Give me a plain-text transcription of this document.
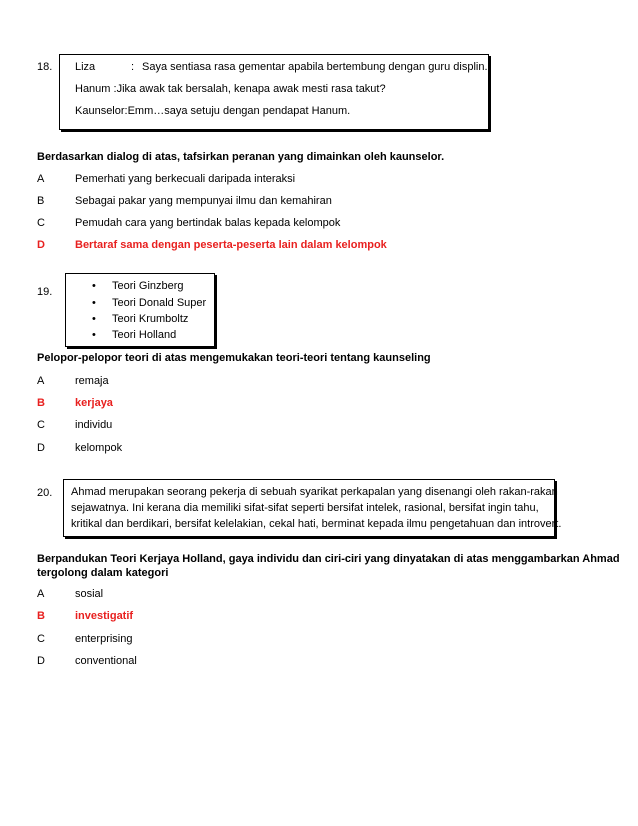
18. Liza	: Saya sentiasa rasa gementar apabila bertembung dengan guru displin.
Hanum :Jika awak tak bersalah, kenapa awak mesti rasa takut?
Kaunselor:Emm…saya setuju dengan pendapat Hanum.
Berdasarkan dialog di atas, tafsirkan peranan yang dimainkan oleh kaunselor.
A	Pemerhati yang berkecuali daripada interaksi
B	Sebagai pakar yang mempunyai ilmu dan kemahiran
C	Pemudah cara yang bertindak balas kepada kelompok
D	Bertaraf sama dengan peserta-peserta lain dalam kelompok
19.	• Teori Ginzberg
• Teori Donald Super
• Teori Krumboltz
• Teori Holland
Pelopor-pelopor teori di atas mengemukakan teori-teori tentang kaunseling
A	remaja
B	kerjaya
C	individu
D	kelompok
20. Ahmad merupakan seorang pekerja di sebuah syarikat perkapalan yang disenangi oleh rakan-rakan
sejawatnya. Ini kerana dia memiliki sifat-sifat seperti bersifat intelek, rasional, bersifat ingin tahu,
kritikal dan berdikari, bersifat kelelakian, cekal hati, berminat kepada ilmu pengetahuan dan introvert.
Berpandukan Teori Kerjaya Holland, gaya individu dan ciri-ciri yang dinyatakan di atas menggambarkan Ahmad
tergolong dalam kategori
A	sosial
B	investigatif
C	enterprising
D	conventional
